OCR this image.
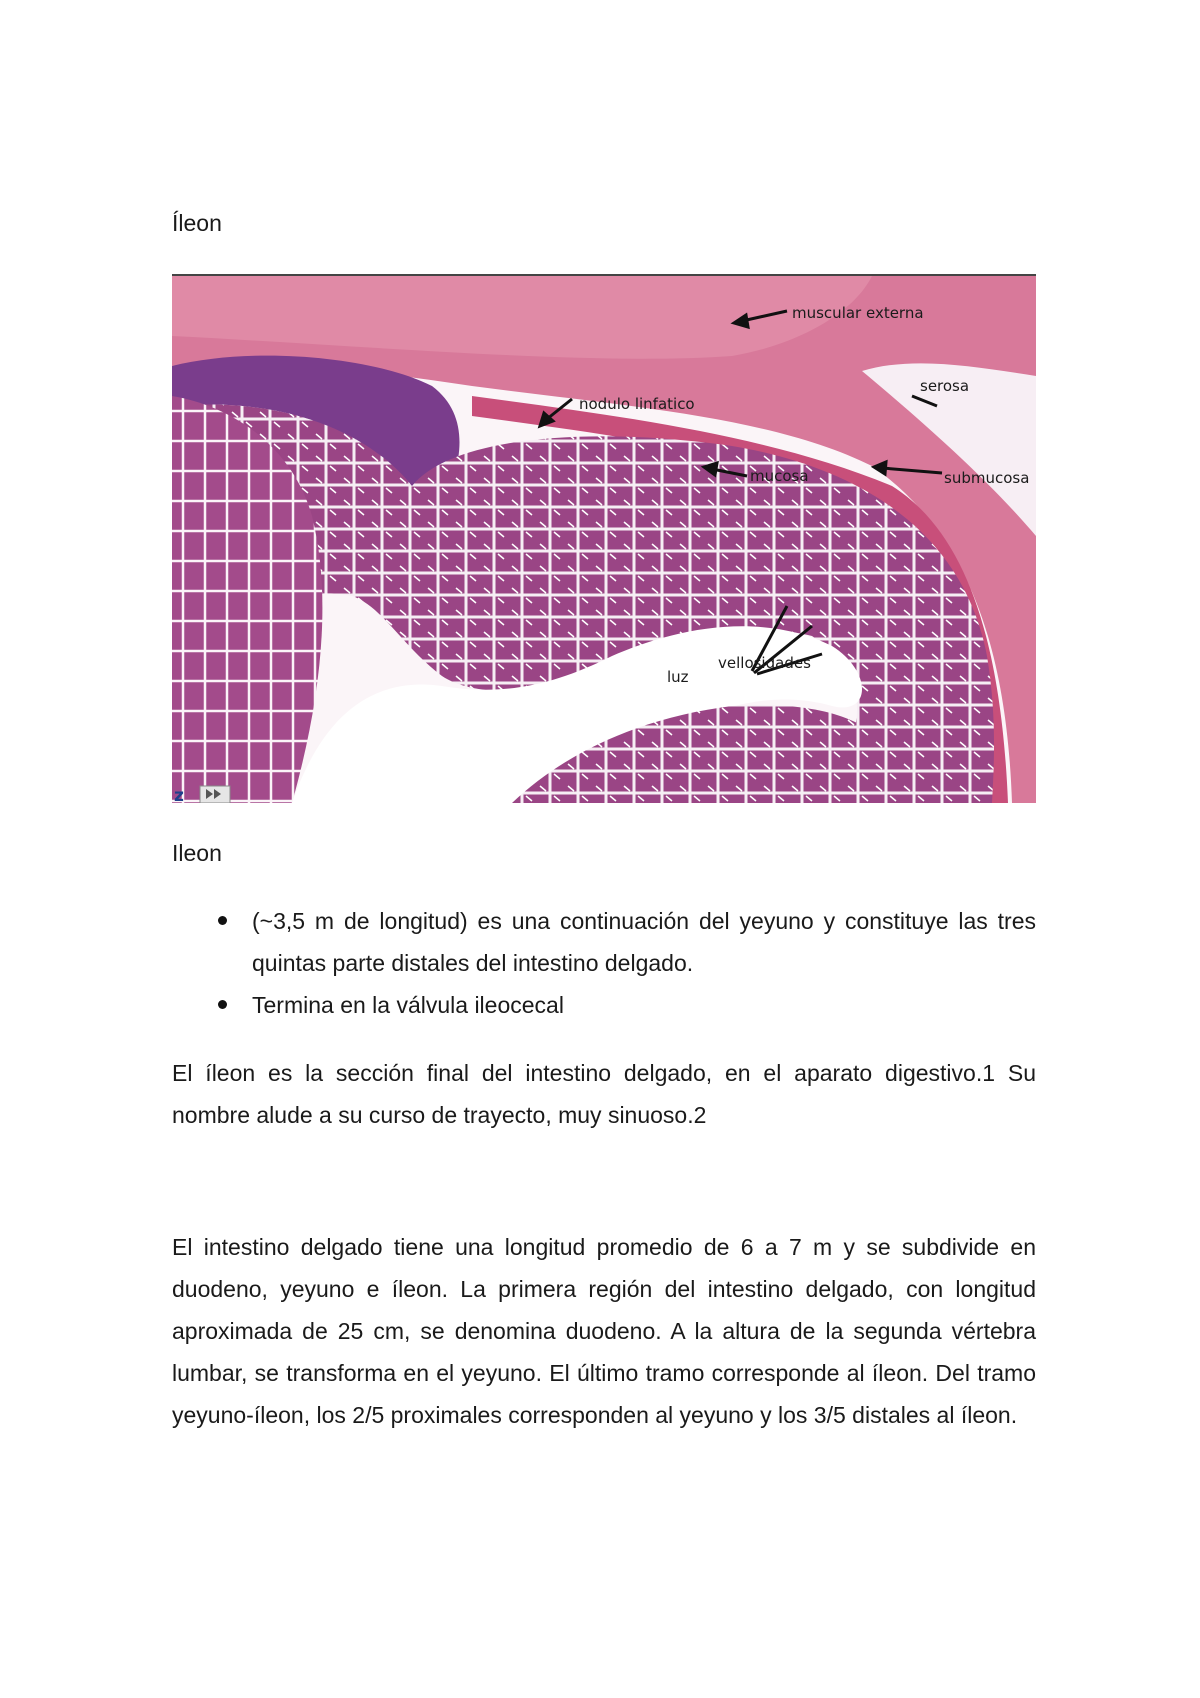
Íleon
muscular externa
serosa
nodulo linfatico
mucosa	submucosa
vellosidades
luz
z

Ileon

(~3,5 m de longitud) es una continuación del yeyuno y constituye las tres quintas parte distales del intestino delgado.
Termina en la válvula ileocecal

El íleon es la sección final del intestino delgado, en el aparato digestivo.1 Su nombre alude a su curso de trayecto, muy sinuoso.2

El intestino delgado tiene una longitud promedio de 6 a 7 m y se subdivide en duodeno, yeyuno e íleon. La primera región del intestino delgado, con longitud aproximada de 25 cm, se denomina duodeno. A la altura de la segunda vértebra lumbar, se transforma en el yeyuno. El último tramo corresponde al íleon. Del tramo yeyuno-íleon, los 2/5 proximales corresponden al yeyuno y los 3/5 distales al íleon.
